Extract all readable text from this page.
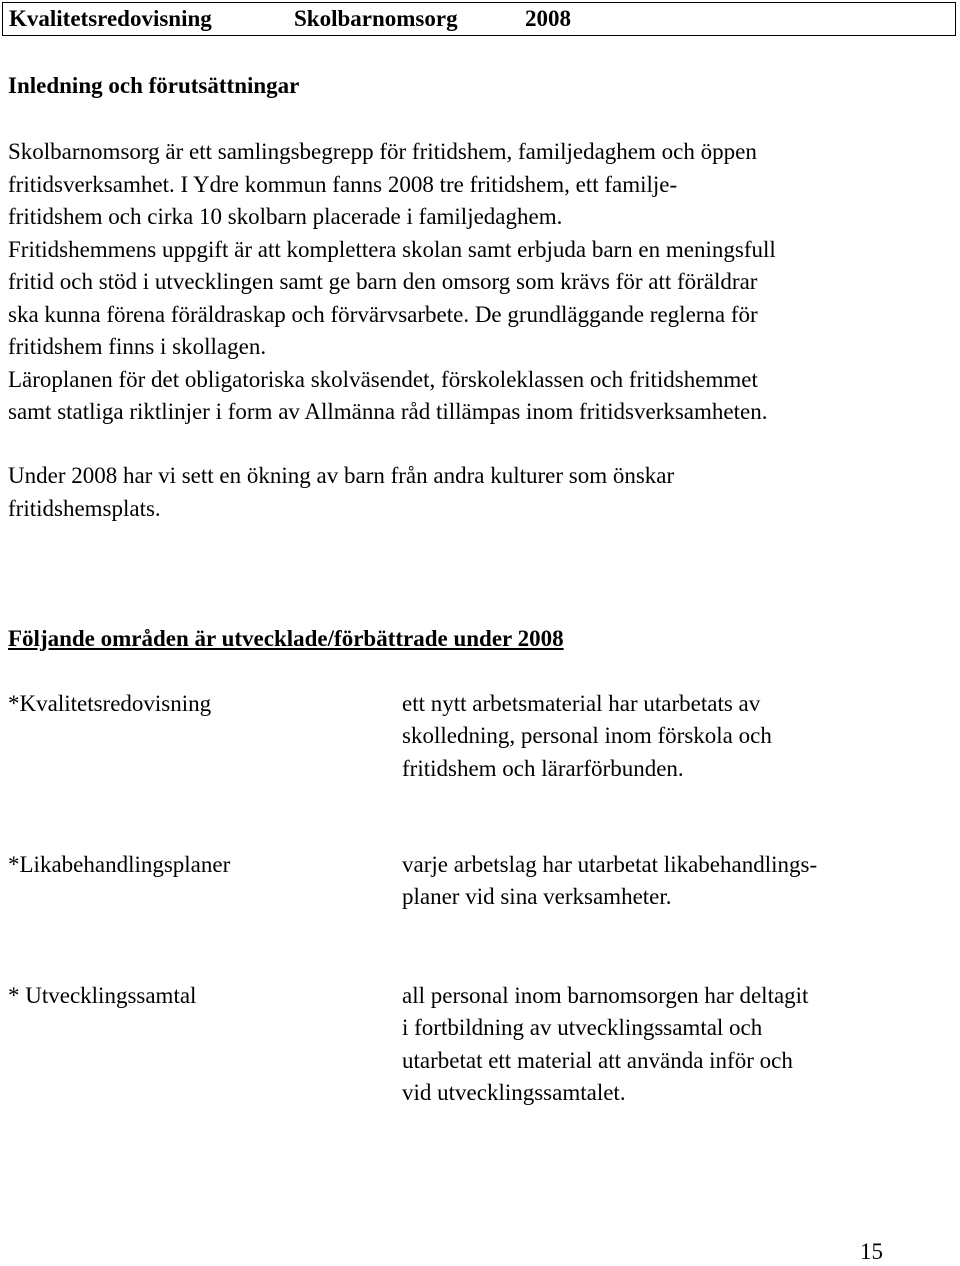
Kvalitetsredovisning	Skolbarnomsorg	2008
Inledning och förutsättningar
Skolbarnomsorg är ett samlingsbegrepp för fritidshem, familjedaghem och öppen
fritidsverksamhet. I Ydre kommun fanns 2008 tre fritidshem, ett familje-
fritidshem och cirka 10 skolbarn placerade i familjedaghem.
Fritidshemmens uppgift är att komplettera skolan samt erbjuda barn en meningsfull
fritid och stöd i utvecklingen samt ge barn den omsorg som krävs för att föräldrar
ska kunna förena föräldraskap och förvärvsarbete. De grundläggande reglerna för
fritidshem finns i skollagen.
Läroplanen för det obligatoriska skolväsendet, förskoleklassen och fritidshemmet
samt statliga riktlinjer i form av Allmänna råd tillämpas inom fritidsverksamheten.
Under 2008 har vi sett en ökning av barn från andra kulturer som önskar
fritidshemsplats.
Följande områden är utvecklade/förbättrade under 2008
*Kvalitetsredovisning	ett nytt arbetsmaterial har utarbetats av
skolledning, personal inom förskola och
fritidshem och lärarförbunden.
*Likabehandlingsplaner	varje arbetslag har utarbetat likabehandlings-
planer vid sina verksamheter.
* Utvecklingssamtal	all personal inom barnomsorgen har deltagit
i fortbildning av utvecklingssamtal och
utarbetat ett material att använda inför och
vid utvecklingssamtalet.
15
